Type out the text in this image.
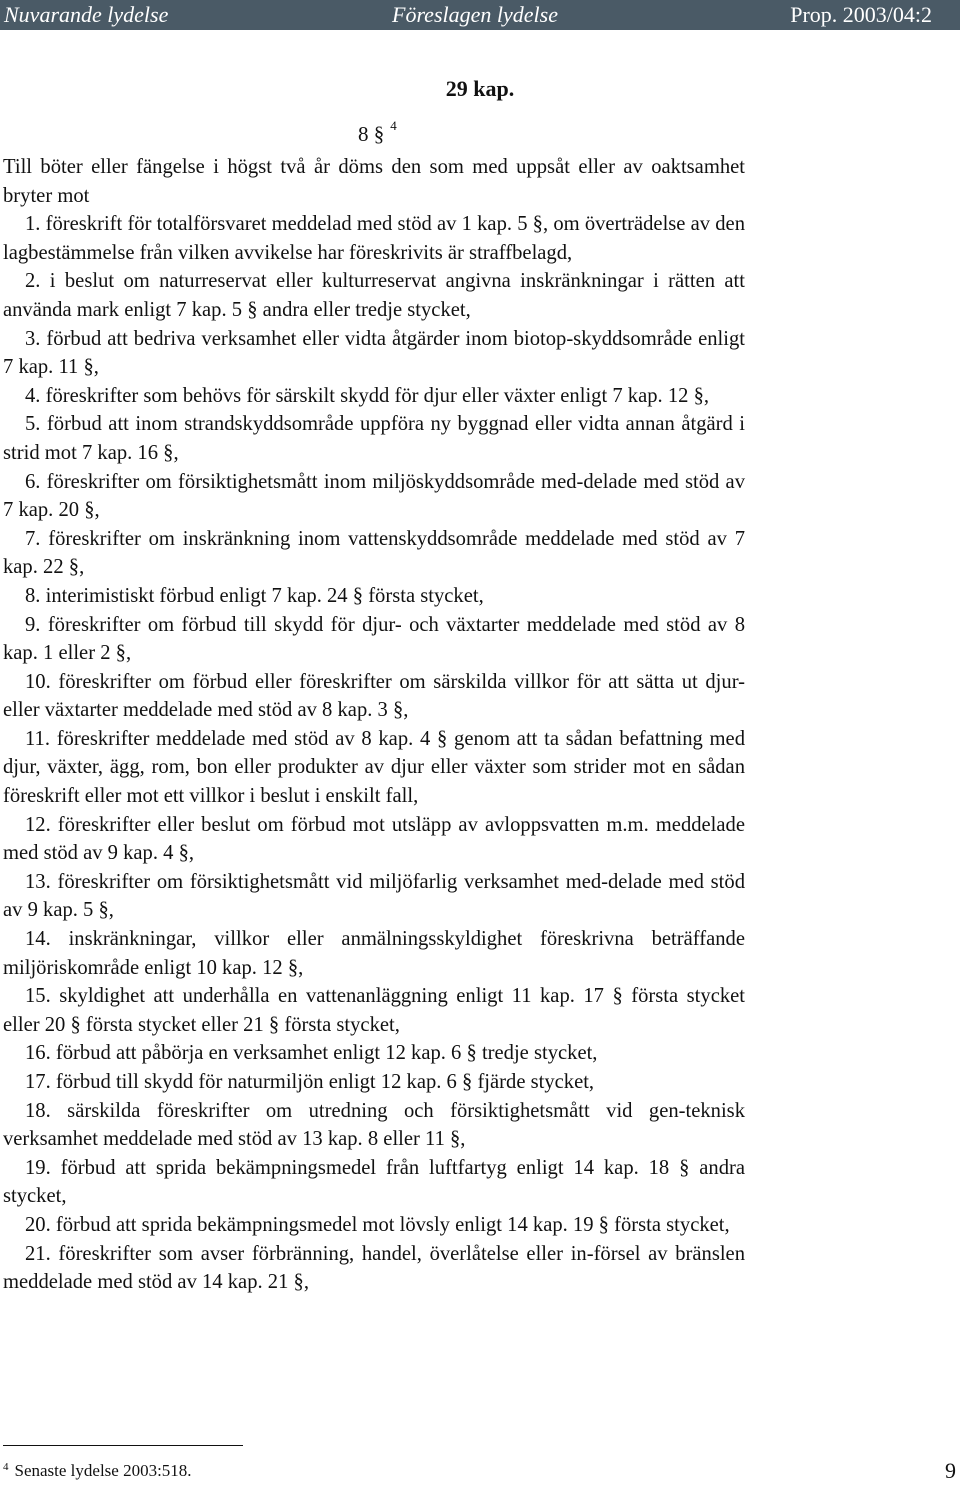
Nuvarande lydelse	Föreslagen lydelse	Prop. 2003/04:2
29 kap.
8 § $^4$

Till böter eller fängelse i högst två år döms den som med uppsåt eller av oaktsamhet bryter mot

1. föreskrift för totalförsvaret meddelad med stöd av 1 kap. 5 §, om överträdelse av den lagbestämmelse från vilken avvikelse har föreskrivits är straffbelagd,

2. i beslut om naturreservat eller kulturreservat angivna inskränkningar i rätten att använda mark enligt 7 kap. 5 § andra eller tredje stycket,

3. förbud att bedriva verksamhet eller vidta åtgärder inom biotop-skyddsområde enligt 7 kap. 11 §,

4. föreskrifter som behövs för särskilt skydd för djur eller växter enligt 7 kap. 12 §,

5. förbud att inom strandskyddsområde uppföra ny byggnad eller vidta annan åtgärd i strid mot 7 kap. 16 §,

6. föreskrifter om försiktighetsmått inom miljöskyddsområde med-delade med stöd av 7 kap. 20 §,

7. föreskrifter om inskränkning inom vattenskyddsområde meddelade med stöd av 7 kap. 22 §,

8. interimistiskt förbud enligt 7 kap. 24 § första stycket,

9. föreskrifter om förbud till skydd för djur- och växtarter meddelade med stöd av 8 kap. 1 eller 2 §,

10. föreskrifter om förbud eller föreskrifter om särskilda villkor för att sätta ut djur- eller växtarter meddelade med stöd av 8 kap. 3 §,

11. föreskrifter meddelade med stöd av 8 kap. 4 § genom att ta sådan befattning med djur, växter, ägg, rom, bon eller produkter av djur eller växter som strider mot en sådan föreskrift eller mot ett villkor i beslut i enskilt fall,

12. föreskrifter eller beslut om förbud mot utsläpp av avloppsvatten m.m. meddelade med stöd av 9 kap. 4 §,

13. föreskrifter om försiktighetsmått vid miljöfarlig verksamhet med-delade med stöd av 9 kap. 5 §,

14. inskränkningar, villkor eller anmälningsskyldighet föreskrivna beträffande miljöriskområde enligt 10 kap. 12 §,

15. skyldighet att underhålla en vattenanläggning enligt 11 kap. 17 § första stycket eller 20 § första stycket eller 21 § första stycket,

16. förbud att påbörja en verksamhet enligt 12 kap. 6 § tredje stycket,

17. förbud till skydd för naturmiljön enligt 12 kap. 6 § fjärde stycket,

18. särskilda föreskrifter om utredning och försiktighetsmått vid gen-teknisk verksamhet meddelade med stöd av 13 kap. 8 eller 11 §,

19. förbud att sprida bekämpningsmedel från luftfartyg enligt 14 kap. 18 § andra stycket,

20. förbud att sprida bekämpningsmedel mot lövsly enligt 14 kap. 19 § första stycket,

21. föreskrifter som avser förbränning, handel, överlåtelse eller in-försel av bränslen meddelade med stöd av 14 kap. 21 §,

$^4$ Senaste lydelse 2003:518.	9
